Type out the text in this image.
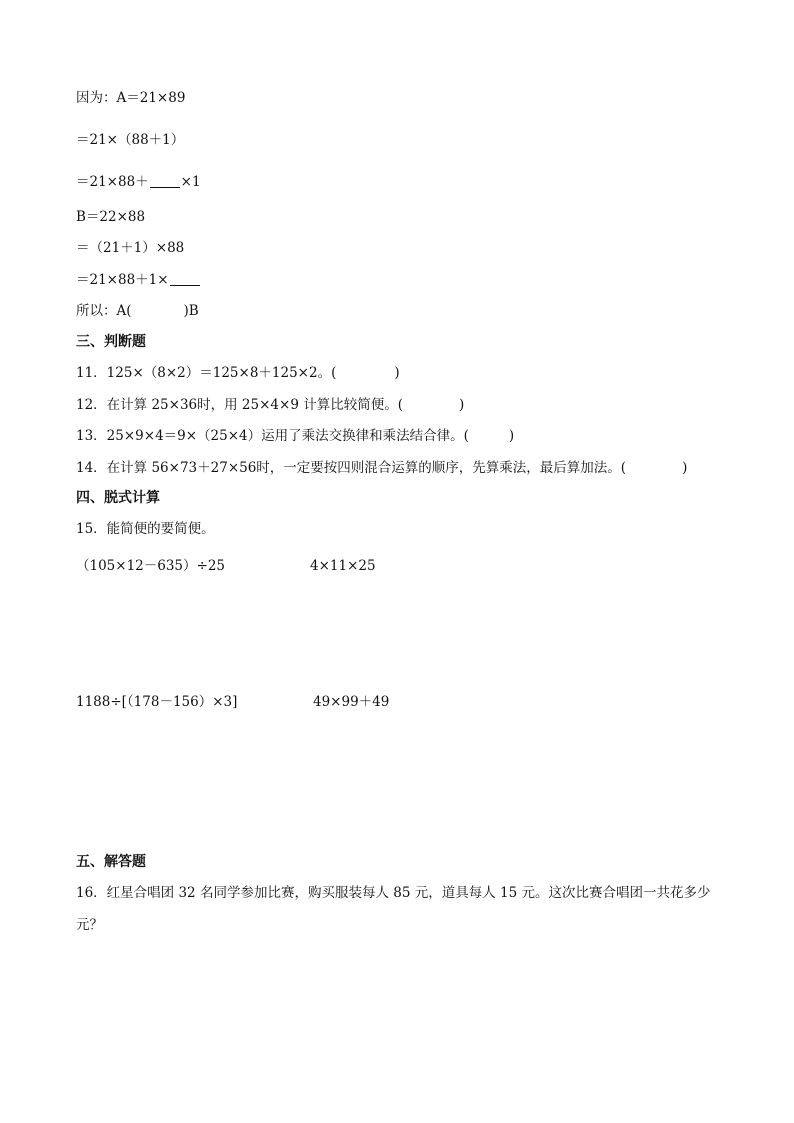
因为：A＝21×89
＝21×（88＋1）
＝21×88＋ ×1
B＝22×88
＝（21＋1）×88
＝21×88＋1×
所以：A(	)B
三、判断题
11．125×（8×2）＝125×8＋125×2。(	)
12．在计算 25×36时，用 25×4×9 计算比较简便。(	)
13．25×9×4＝9×（25×4）运用了乘法交换律和乘法结合律。(	)
14．在计算 56×73＋27×56时，一定要按四则混合运算的顺序，先算乘法，最后算加法。(	)
四、脱式计算
15．能简便的要简便。
（105×12－635）÷25	4×11×25
1188÷[（178－156）×3]	49×99＋49
五、解答题
16．红星合唱团 32 名同学参加比赛，购买服装每人 85 元，道具每人 15 元。这次比赛合唱团一共花多少
元？
